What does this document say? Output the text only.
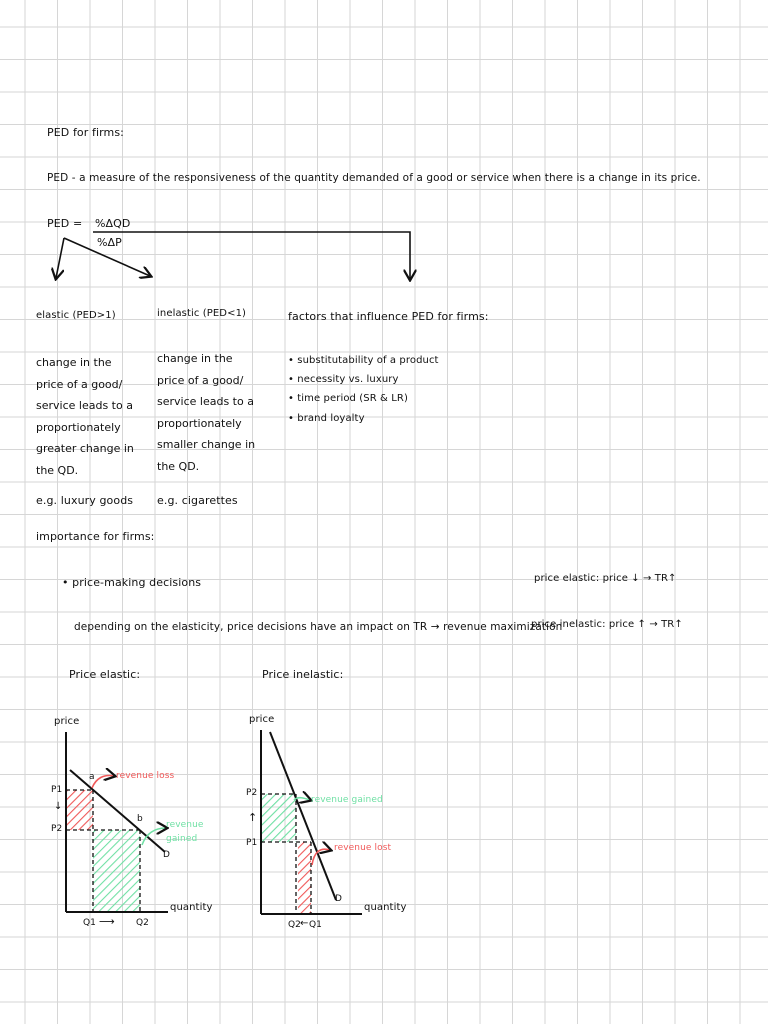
PED for firms:
PED - a measure of the responsiveness of the quantity demanded of a good or service when there is a change in its price.
PED = %ΔQD
%ΔP
elastic (PED>1)
change in the
price of a good/
service leads to a
proportionately
greater change in
the QD.
e.g. luxury goods
inelastic (PED<1)
change in the
price of a good/
service leads to a
proportionately
smaller change in
the QD.
e.g. cigarettes
factors that influence PED for firms:
• substitutability of a product
• necessity vs. luxury
• time period (SR & LR)
• brand loyalty
importance for firms:
• price-making decisions
depending on the elasticity, price decisions have an impact on TR → revenue maximization
price elastic: price ↓ → TR↑
price inelastic: price ↑ → TR↑
Price elastic:	Price inelastic:
price
quantity
P1
↓
P2
Q1 ⟶ Q2
a
b
D
revenue loss
revenue
gained
price
quantity
P2
↑
P1
Q2
← Q1
D
revenue gained
revenue lost
